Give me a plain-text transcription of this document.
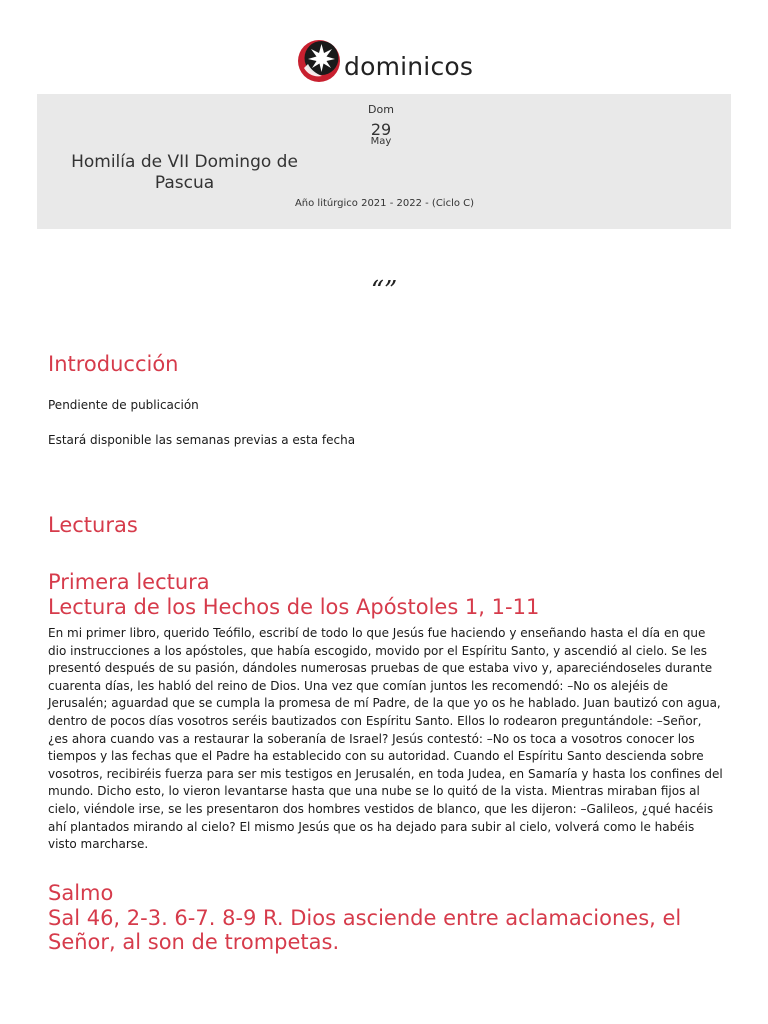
dominicos
Dom
29
May
Homilía de VII Domingo de Pascua
Año litúrgico 2021 - 2022 - (Ciclo C)
“”
Introducción

Pendiente de publicación

Estará disponible las semanas previas a esta fecha

Lecturas
Primera lectura
Lectura de los Hechos de los Apóstoles 1, 1-11

En mi primer libro, querido Teófilo, escribí de todo lo que Jesús fue haciendo y enseñando hasta el día en que dio instrucciones a los apóstoles, que había escogido, movido por el Espíritu Santo, y ascendió al cielo. Se les presentó después de su pasión, dándoles numerosas pruebas de que estaba vivo y, apareciéndoseles durante cuarenta días, les habló del reino de Dios. Una vez que comían juntos les recomendó: –No os alejéis de Jerusalén; aguardad que se cumpla la promesa de mí Padre, de la que yo os he hablado. Juan bautizó con agua, dentro de pocos días vosotros seréis bautizados con Espíritu Santo. Ellos lo rodearon preguntándole: –Señor, ¿es ahora cuando vas a restaurar la soberanía de Israel? Jesús contestó: –No os toca a vosotros conocer los tiempos y las fechas que el Padre ha establecido con su autoridad. Cuando el Espíritu Santo descienda sobre vosotros, recibiréis fuerza para ser mis testigos en Jerusalén, en toda Judea, en Samaría y hasta los confines del mundo. Dicho esto, lo vieron levantarse hasta que una nube se lo quitó de la vista. Mientras miraban fijos al cielo, viéndole irse, se les presentaron dos hombres vestidos de blanco, que les dijeron: –Galileos, ¿qué hacéis ahí plantados mirando al cielo? El mismo Jesús que os ha dejado para subir al cielo, volverá como le habéis visto marcharse.

Salmo
Sal 46, 2-3. 6-7. 8-9 R. Dios asciende entre aclamaciones, el Señor, al son de trompetas.
